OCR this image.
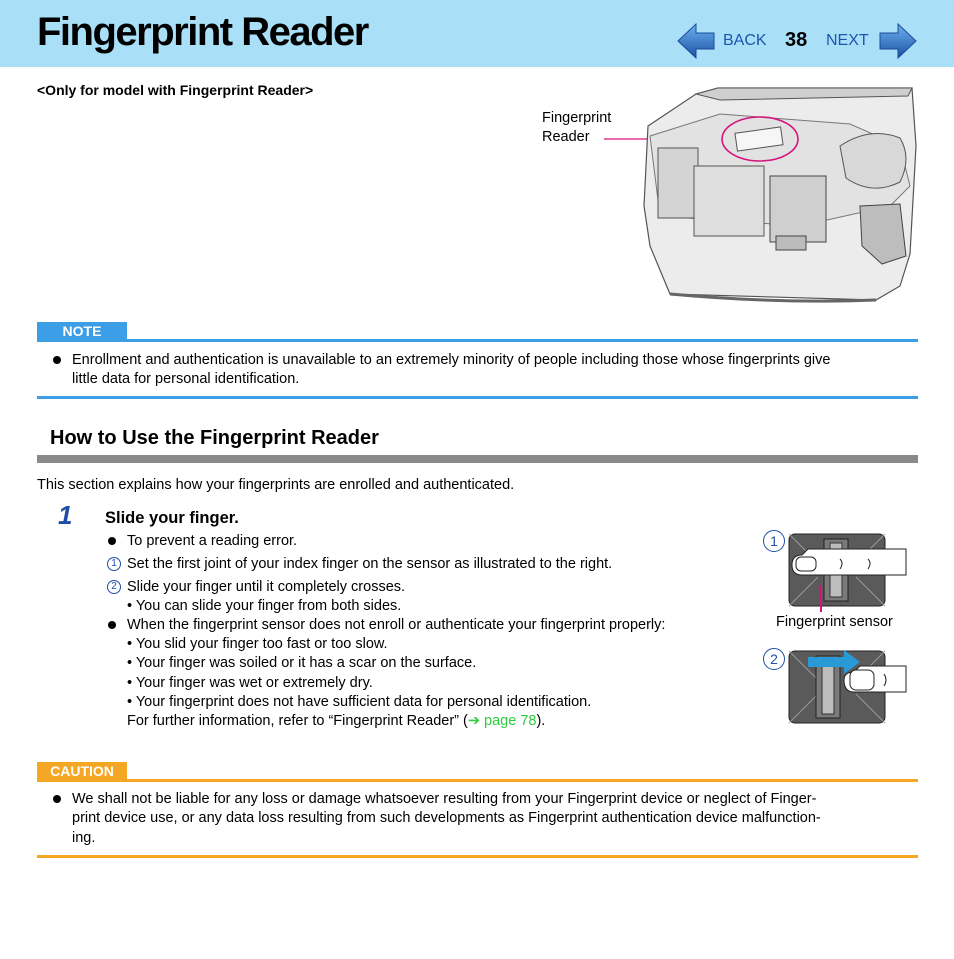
Fingerprint Reader	BACK 38 NEXT
<Only for model with Fingerprint Reader>
Fingerprint
Reader
NOTE
Enrollment and authentication is unavailable to an extremely minority of people including those whose fingerprints give
little data for personal identification.
How to Use the Fingerprint Reader
This section explains how your fingerprints are enrolled and authenticated.
1 Slide your finger.
To prevent a reading error.
1 Set the first joint of your index finger on the sensor as illustrated to the right.
2 Slide your finger until it completely crosses.
• You can slide your finger from both sides.
When the fingerprint sensor does not enroll or authenticate your fingerprint properly:
• You slid your finger too fast or too slow.
• Your finger was soiled or it has a scar on the surface.
• Your finger was wet or extremely dry.
• Your fingerprint does not have sufficient data for personal identification.
For further information, refer to “Fingerprint Reader” (➔ page 78).
1
Fingerprint sensor
2
CAUTION
We shall not be liable for any loss or damage whatsoever resulting from your Fingerprint device or neglect of Finger-
print device use, or any data loss resulting from such developments as Fingerprint authentication device malfunction-
ing.
